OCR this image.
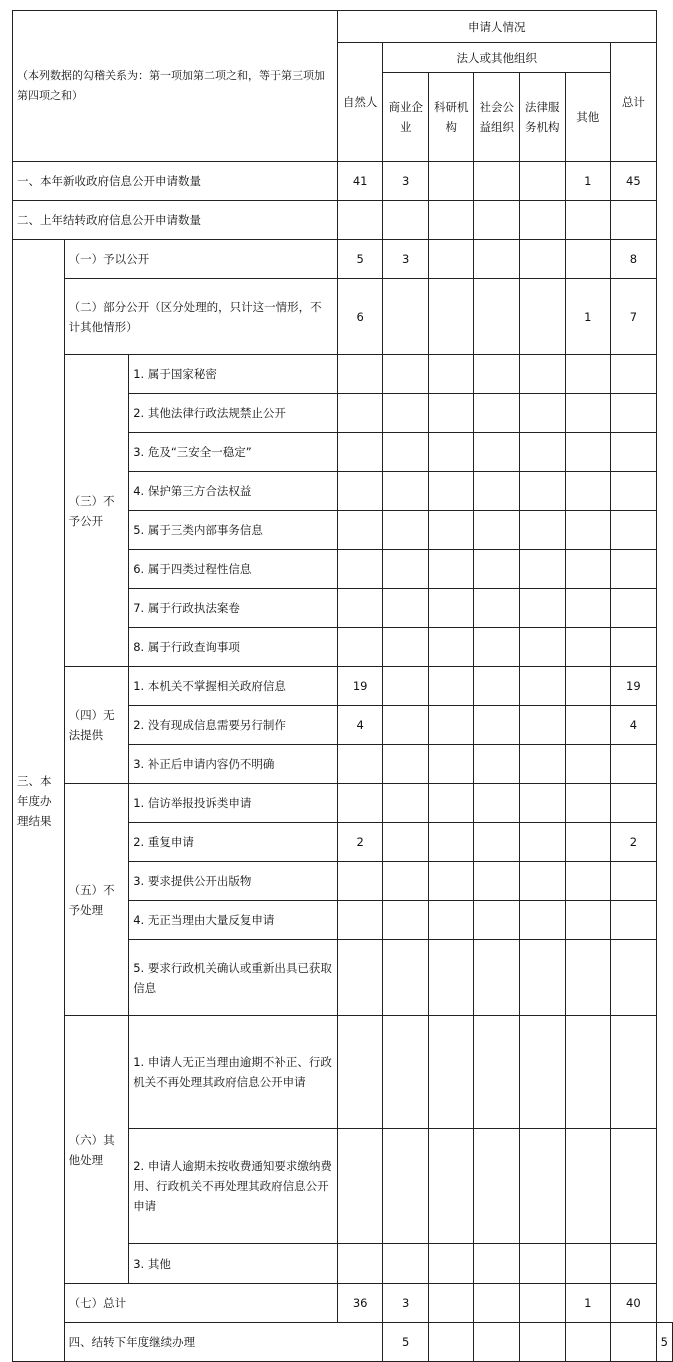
（本列数据的勾稽关系为：第一项加第二项之和，等于第三项加第四项之和）			申请人情况							
			自然人	法人或其他组织					总计	
				商业企业	科研机构	社会公益组织	法律服务机构	其他		
一、本年新收政府信息公开申请数量			41	3				1	45	
二、上年结转政府信息公开申请数量										
三、本年度办理结果	（一）予以公开		5	3					8	
	（二）部分公开（区分处理的，只计这一情形，不计其他情形）		6					1	7	
	（三）不予公开	1. 属于国家秘密								
		2. 其他法律行政法规禁止公开								
		3. 危及“三安全一稳定”								
		4. 保护第三方合法权益								
		5. 属于三类内部事务信息								
		6. 属于四类过程性信息								
		7. 属于行政执法案卷								
		8. 属于行政查询事项								
	（四）无法提供	1. 本机关不掌握相关政府信息	19						19	
		2. 没有现成信息需要另行制作	4						4	
		3. 补正后申请内容仍不明确								
	（五）不予处理	1. 信访举报投诉类申请								
		2. 重复申请	2						2	
		3. 要求提供公开出版物								
		4. 无正当理由大量反复申请								
		5. 要求行政机关确认或重新出具已获取信息								
	（六）其他处理	1. 申请人无正当理由逾期不补正、行政机关不再处理其政府信息公开申请								
		2. 申请人逾期未按收费通知要求缴纳费用、行政机关不再处理其政府信息公开申请								
		3. 其他								
	（七）总计		36	3				1	40	
	四、结转下年度继续办理			5						5
